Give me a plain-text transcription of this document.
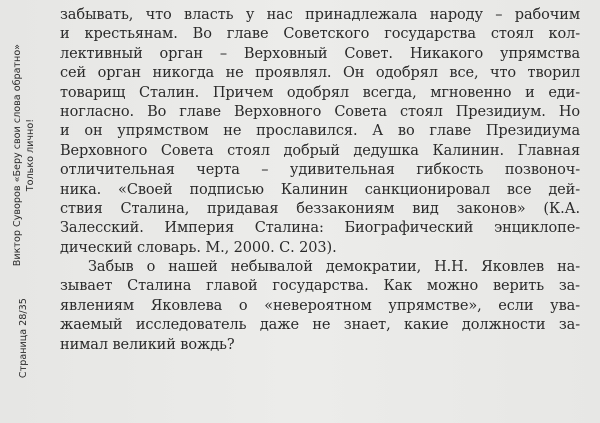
Страница 28/35
Виктор Суворов «Беру свои слова обратно» Только лично!
забывать, что власть у нас принадлежала народу – рабочим
и крестьянам. Во главе Советского государства стоял кол-
лективный орган – Верховный Совет. Никакого упрямства
сей орган никогда не проявлял. Он одобрял все, что творил
товарищ Сталин. Причем одобрял всегда, мгновенно и еди-
ногласно. Во главе Верховного Совета стоял Президиум. Но
и он упрямством не прославился. А во главе Президиума
Верховного Совета стоял добрый дедушка Калинин. Главная
отличительная черта – удивительная гибкость позвоноч-
ника. «Своей подписью Калинин санкционировал все дей-
ствия Сталина, придавая беззакониям вид законов» (К.А.
Залесский. Империя Сталина: Биографический энциклопе-
дический словарь. М., 2000. С. 203).
Забыв о нашей небывалой демократии, Н.Н. Яковлев на-
зывает Сталина главой государства. Как можно верить за-
явлениям Яковлева о «невероятном упрямстве», если ува-
жаемый исследователь даже не знает, какие должности за-
нимал великий вождь?
